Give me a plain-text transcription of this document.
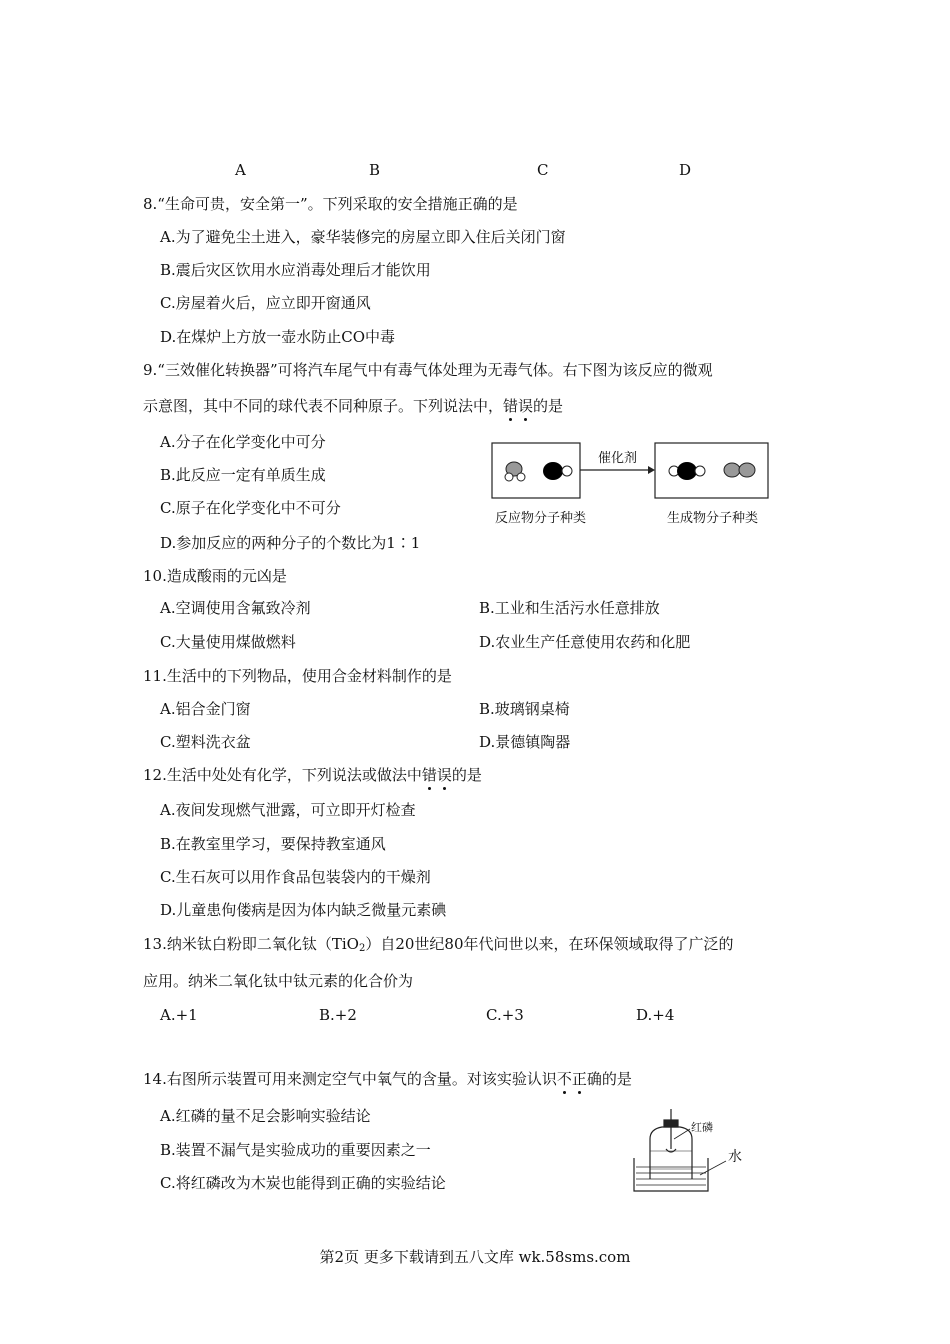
A	B	C	D
8.“生命可贵，安全第一”。下列采取的安全措施正确的是
A.为了避免尘土进入，豪华装修完的房屋立即入住后关闭门窗
B.震后灾区饮用水应消毒处理后才能饮用
C.房屋着火后，应立即开窗通风
D.在煤炉上方放一壶水防止CO中毒
9.“三效催化转换器”可将汽车尾气中有毒气体处理为无毒气体。右下图为该反应的微观
示意图，其中不同的球代表不同种原子。下列说法中，错误的是
A.分子在化学变化中可分
B.此反应一定有单质生成
C.原子在化学变化中不可分
D.参加反应的两种分子的个数比为1∶1
催化剂
反应物分子种类	生成物分子种类
10.造成酸雨的元凶是
A.空调使用含氟致冷剂	B.工业和生活污水任意排放
C.大量使用煤做燃料	D.农业生产任意使用农药和化肥
11.生活中的下列物品，使用合金材料制作的是
A.铝合金门窗	B.玻璃钢桌椅
C.塑料洗衣盆	D.景德镇陶器
12.生活中处处有化学，下列说法或做法中错误的是
A.夜间发现燃气泄露，可立即开灯检查
B.在教室里学习，要保持教室通风
C.生石灰可以用作食品包装袋内的干燥剂
D.儿童患佝偻病是因为体内缺乏微量元素碘
13.纳米钛白粉即二氧化钛（TiO$_2$）自20世纪80年代问世以来，在环保领域取得了广泛的
应用。纳米二氧化钛中钛元素的化合价为
A.+1	B.+2	C.+3	D.+4
14.右图所示装置可用来测定空气中氧气的含量。对该实验认识不正确的是
A.红磷的量不足会影响实验结论
B.装置不漏气是实验成功的重要因素之一
C.将红磷改为木炭也能得到正确的实验结论
红磷
水
第2页 更多下载请到五八文库 wk.58sms.com
